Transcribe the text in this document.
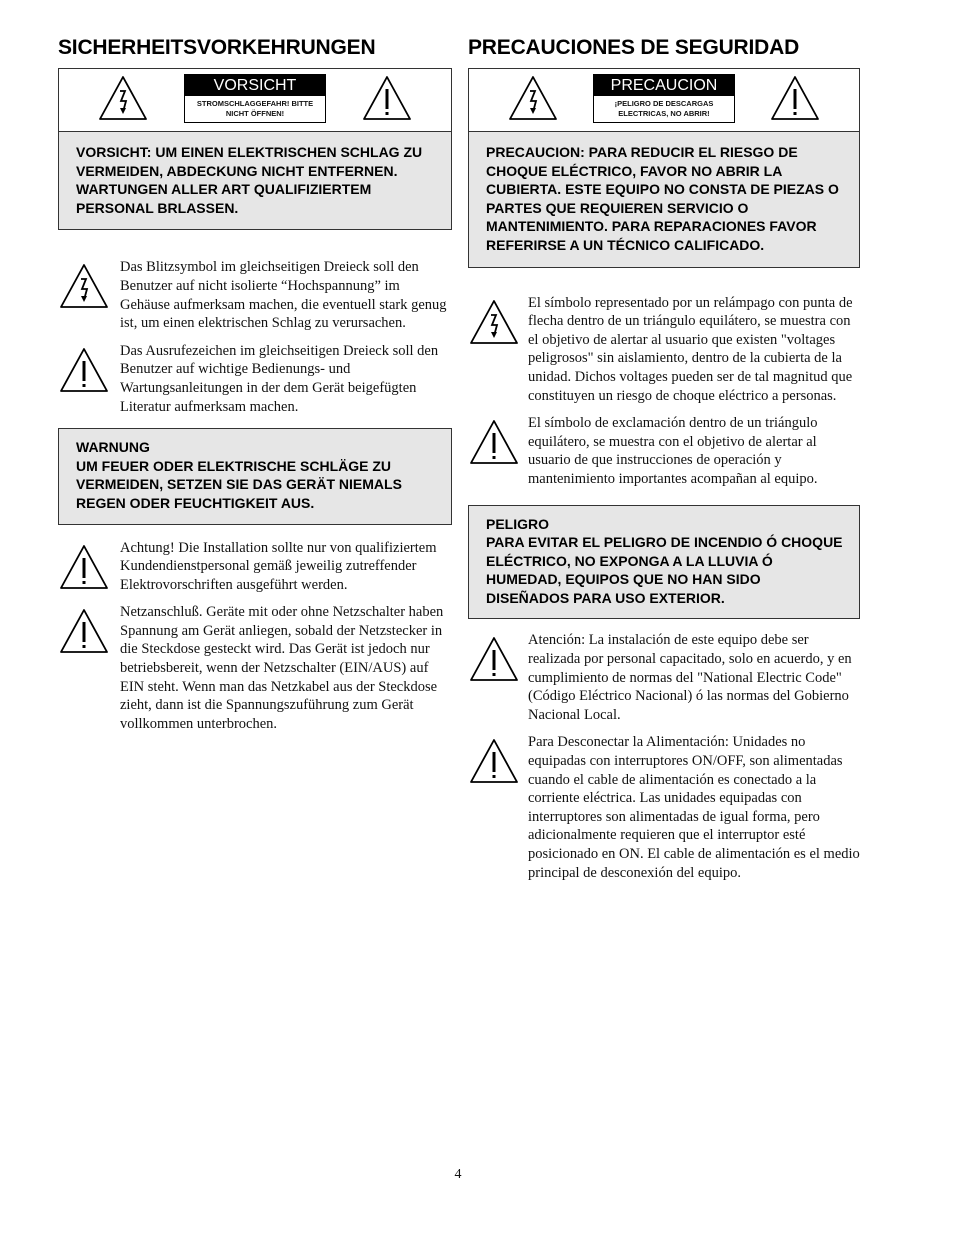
SICHERHEITSVORKEHRUNGEN
VORSICHT
STROMSCHLAGGEFAHR! BITTE NICHT ÖFFNEN!
VORSICHT: UM EINEN ELEKTRISCHEN SCHLAG ZU VERMEIDEN, ABDECKUNG NICHT ENTFERNEN. WARTUNGEN ALLER ART QUALIFIZIERTEM PERSONAL BRLASSEN.

Das Blitzsymbol im gleichseitigen Dreieck soll den Benutzer auf nicht isolierte “Hochspannung” im Gehäuse aufmerksam machen, die eventuell stark genug ist, um einen elektrischen Schlag zu verursachen.

Das Ausrufezeichen im gleichseitigen Dreieck soll den Benutzer auf wichtige Bedienungs- und Wartungsanleitungen in der dem Gerät beigefügten Literatur aufmerksam machen.

WARNUNG
UM FEUER ODER ELEKTRISCHE SCHLÄGE ZU VERMEIDEN, SETZEN SIE DAS GERÄT NIEMALS REGEN ODER FEUCHTIGKEIT AUS.

Achtung! Die Installation sollte nur von qualifiziertem Kundendienstpersonal gemäß jeweilig zutreffender Elektrovorschriften ausgeführt werden.

Netzanschluß. Geräte mit oder ohne Netzschalter haben Spannung am Gerät anliegen, sobald der Netzstecker in die Steckdose gesteckt wird. Das Gerät ist jedoch nur betriebsbereit, wenn der Netzschalter (EIN/AUS) auf EIN steht. Wenn man das Netzkabel aus der Steckdose zieht, dann ist die Spannungszuführung zum Gerät vollkommen unterbrochen.

PRECAUCIONES DE SEGURIDAD
PRECAUCION
¡PELIGRO DE DESCARGAS ELECTRICAS, NO ABRIR!
PRECAUCION: PARA REDUCIR EL RIESGO DE CHOQUE ELÉCTRICO, FAVOR NO ABRIR LA CUBIERTA. ESTE EQUIPO NO CONSTA DE PIEZAS O PARTES QUE REQUIEREN SERVICIO O MANTENIMIENTO. PARA REPARACIONES FAVOR REFERIRSE A UN TÉCNICO CALIFICADO.

El símbolo representado por un relámpago con punta de flecha dentro de un triángulo equilátero, se muestra con el objetivo de alertar al usuario que existen "voltages peligrosos" sin aislamiento, dentro de la cubierta de la unidad. Dichos voltages pueden ser de tal magnitud que constituyen un riesgo de choque eléctrico a personas.

El símbolo de exclamación dentro de un triángulo equilátero, se muestra con el objetivo de alertar al usuario de que instrucciones de operación y mantenimiento importantes acompañan al equipo.

PELIGRO
PARA EVITAR EL PELIGRO DE INCENDIO Ó CHOQUE ELÉCTRICO, NO EXPONGA A LA LLUVIA Ó HUMEDAD, EQUIPOS QUE NO HAN SIDO DISEÑADOS PARA USO EXTERIOR.

Atención: La instalación de este equipo debe ser realizada por personal capacitado, solo en acuerdo, y en cumplimiento de normas del "National Electric Code" (Código Eléctrico Nacional) ó las normas del Gobierno Nacional Local.

Para Desconectar la Alimentación: Unidades no equipadas con interruptores ON/OFF, son alimentadas cuando el cable de alimentación es conectado a la corriente eléctrica. Las unidades equipadas con interruptores son alimentadas de igual forma, pero adicionalmente requieren que el interruptor esté posicionado en ON. El cable de alimentación es el medio principal de desconexión del equipo.

4
